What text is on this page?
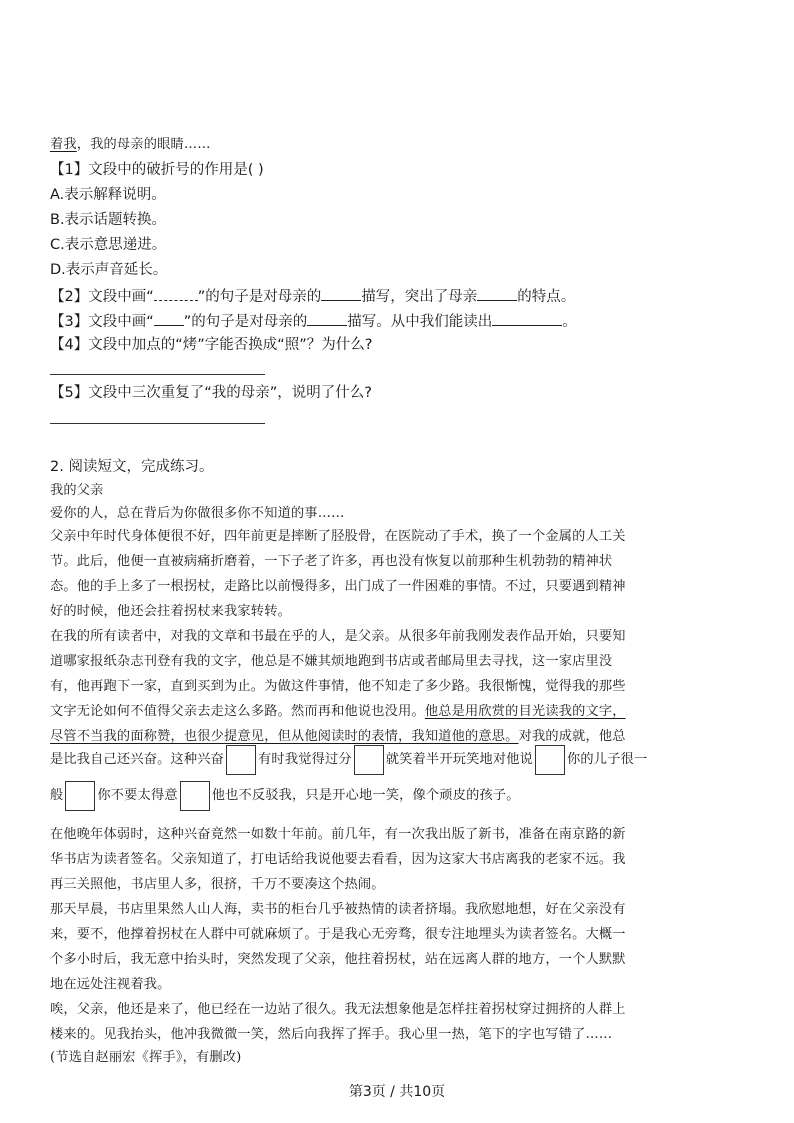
着我，我的母亲的眼睛……
【1】文段中的破折号的作用是( )
A.表示解释说明。
B.表示话题转换。
C.表示意思递进。
D.表示声音延长。
【2】文段中画“	”的句子是对母亲的	描写，突出了母亲	的特点。
【3】文段中画“ ”的句子是对母亲的	描写。从中我们能读出	。
【4】文段中加点的“烤”字能否换成“照”？为什么?
【5】文段中三次重复了“我的母亲”，说明了什么?
2. 阅读短文，完成练习。
我的父亲
爱你的人，总在背后为你做很多你不知道的事……
父亲中年时代身体便很不好，四年前更是摔断了胫股骨，在医院动了手术，换了一个金属的人工关
节。此后，他便一直被病痛折磨着，一下子老了许多，再也没有恢复以前那种生机勃勃的精神状
态。他的手上多了一根拐杖，走路比以前慢得多，出门成了一件困难的事情。不过，只要遇到精神
好的时候，他还会拄着拐杖来我家转转。
在我的所有读者中，对我的文章和书最在乎的人，是父亲。从很多年前我刚发表作品开始，只要知
道哪家报纸杂志刊登有我的文字，他总是不嫌其烦地跑到书店或者邮局里去寻找，这一家店里没
有，他再跑下一家，直到买到为止。为做这件事情，他不知走了多少路。我很惭愧，觉得我的那些
文字无论如何不值得父亲去走这么多路。然而再和他说也没用。他总是用欣赏的目光读我的文字，
尽管不当我的面称赞，也很少提意见，但从他阅读时的表情，我知道他的意思。对我的成就，他总
是比我自己还兴奋。这种兴奋	有时我觉得过分	就笑着半开玩笑地对他说	你的儿子很一
般	你不要太得意	他也不反驳我，只是开心地一笑，像个顽皮的孩子。
在他晚年体弱时，这种兴奋竟然一如数十年前。前几年，有一次我出版了新书，准备在南京路的新
华书店为读者签名。父亲知道了，打电话给我说他要去看看，因为这家大书店离我的老家不远。我
再三关照他，书店里人多，很挤，千万不要凑这个热闹。
那天早晨，书店里果然人山人海，卖书的柜台几乎被热情的读者挤塌。我欣慰地想，好在父亲没有
来，要不，他撑着拐杖在人群中可就麻烦了。于是我心无旁骛，很专注地埋头为读者签名。大概一
个多小时后，我无意中抬头时，突然发现了父亲，他拄着拐杖，站在远离人群的地方，一个人默默
地在远处注视着我。
唉，父亲，他还是来了，他已经在一边站了很久。我无法想象他是怎样拄着拐杖穿过拥挤的人群上
楼来的。见我抬头，他冲我微微一笑，然后向我挥了挥手。我心里一热，笔下的字也写错了……
(节选自赵丽宏《挥手》，有删改)
第3页 / 共10页
